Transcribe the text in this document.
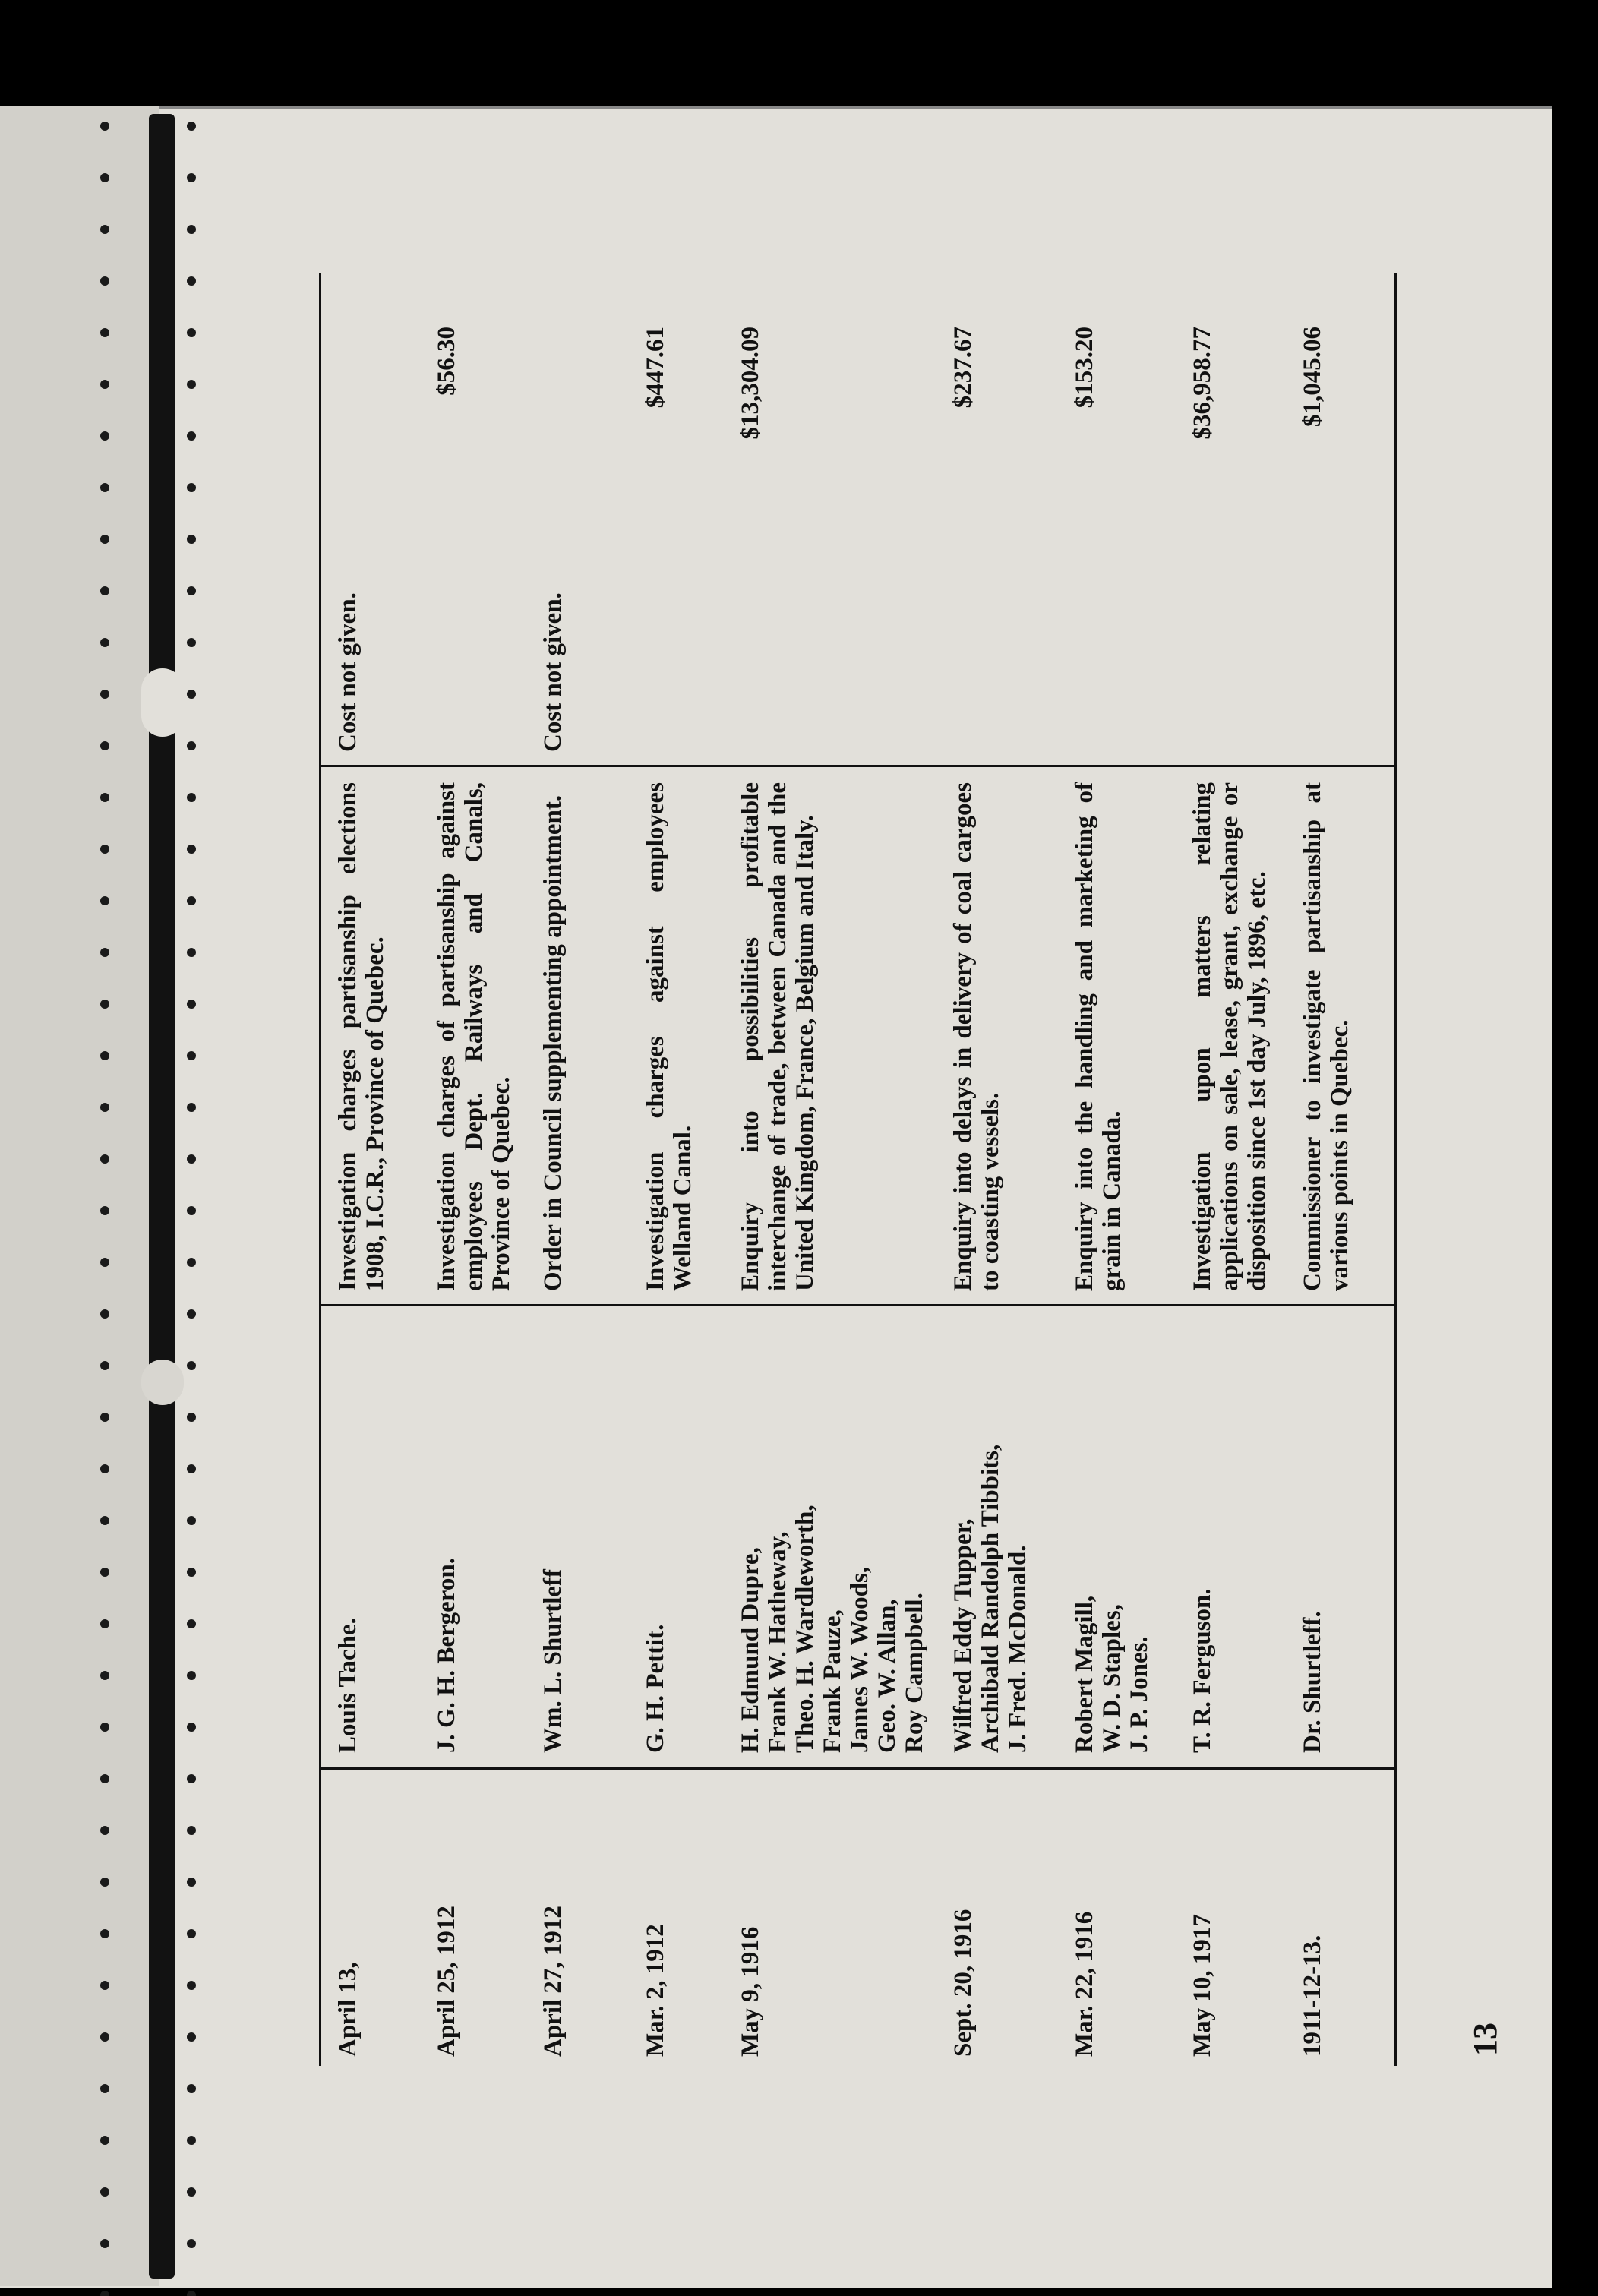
April 13,
Louis Tache.
Investigation charges partisanship elections 1908, I.C.R., Province of Quebec.
Cost not given.
April 25, 1912
J. G. H. Bergeron.
Investigation charges of partisanship against employees Dept. Railways and Canals, Province of Quebec.
$56.30
April 27, 1912
Wm. L. Shurtleff
Order in Council supplementing appointment.
Cost not given.
Mar. 2, 1912
G. H. Pettit.
Investigation charges against employees Welland Canal.
$447.61
May 9, 1916
H. Edmund Dupre, Frank W. Hatheway, Theo. H. Wardleworth, Frank Pauze, James W. Woods, Geo. W. Allan, Roy Campbell.
Enquiry into possibilities profitable interchange of trade, between Canada and the United Kingdom, France, Belgium and Italy.
$13,304.09
Sept. 20, 1916
Wilfred Eddy Tupper, Archibald Randolph Tibbits, J. Fred. McDonald.
Enquiry into delays in delivery of coal cargoes to coasting vessels.
$237.67
Mar. 22, 1916
Robert Magill, W. D. Staples, J. P. Jones.
Enquiry into the handling and marketing of grain in Canada.
$153.20
May 10, 1917
T. R. Ferguson.
Investigation upon matters relating applications on sale, lease, grant, exchange or disposition since 1st day July, 1896, etc.
$36,958.77
1911-12-13.
Dr. Shurtleff.
Commissioner to investigate partisanship at various points in Quebec.
$1,045.06
13
